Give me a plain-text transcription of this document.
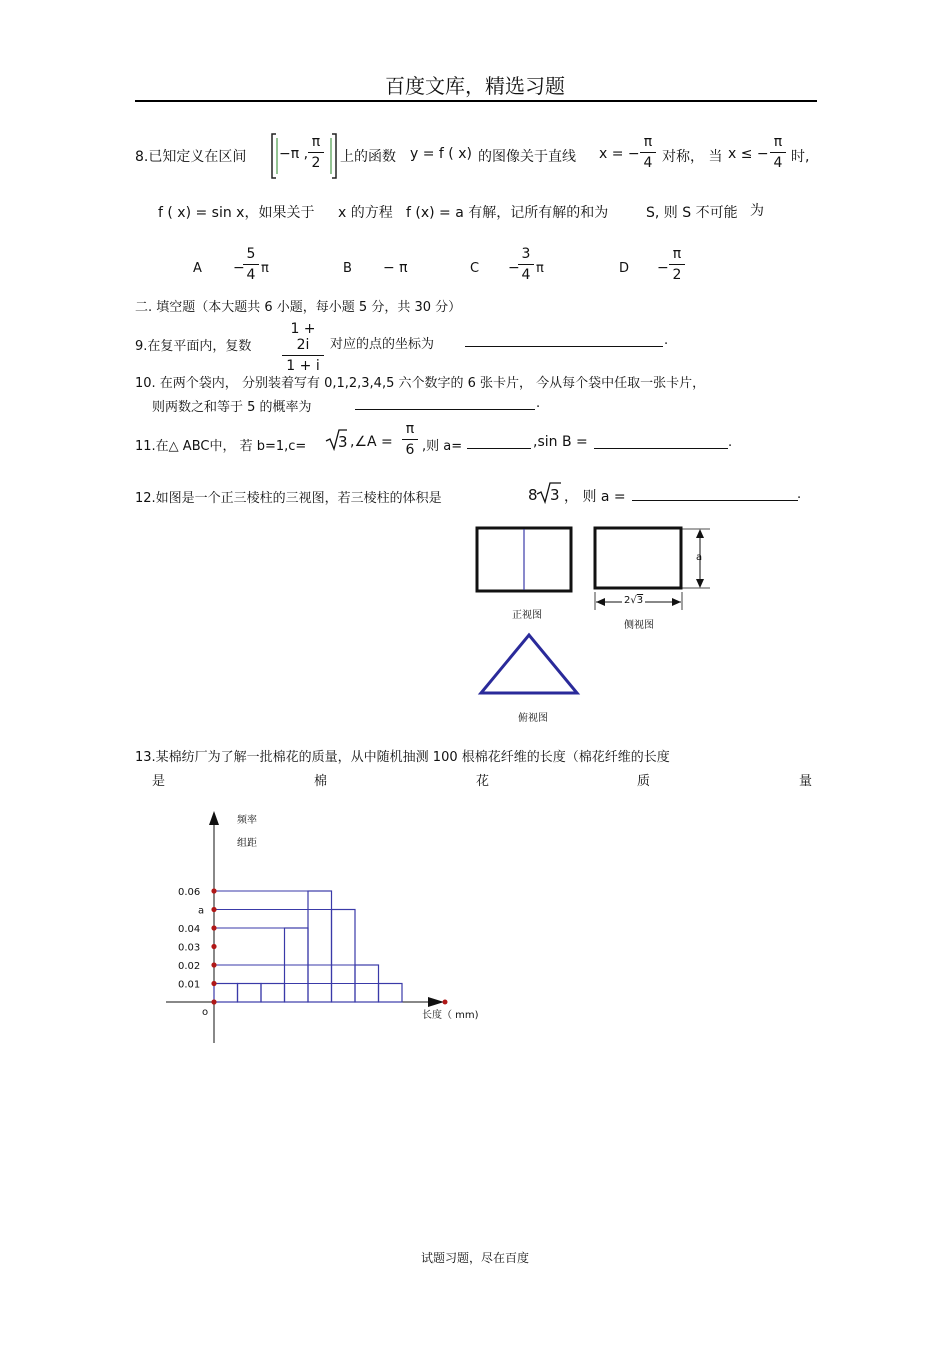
百度文库，精选习题
8.已知定义在区间 −π ,
π
2 上的函数 y = f ( x) 的图像关于直线 x = −
π
4 对称， 当 x ≤ −
π
4 时,
f ( x) = sin x，如果关于 x 的方程 f (x) = a 有解，记所有解的和为	S, 则 S 不可能 为
A −
5
4 π	B − π	C −
3
4 π	D −
π
2
二. 填空题（本大题共 6 小题，每小题 5 分，共 30 分）
9.在复平面内，复数
1 + 2i
1 + i
对应的点的坐标为	.
10. 在两个袋内， 分别装着写有 0,1,2,3,4,5 六个数字的 6 张卡片， 今从每个袋中任取一张卡片，
则两数之和等于 5 的概率为	.
11.在△ ABC中， 若 b=1,c= 3 ,∠A =
π
6 ,则 a=	,sin B =	.
12.如图是一个正三棱柱的三视图，若三棱柱的体积是	8 3 ， 则 a =	.
a
2√3
正视图
侧视图
俯视图
13.某棉纺厂为了解一批棉花的质量，从中随机抽测 100 根棉花纤维的长度（棉花纤维的长度
是	棉	花	质	量
频率
组距
o	长度（ mm)
0.06
a
0.04
0.03
0.02
0.01
试题习题，尽在百度
